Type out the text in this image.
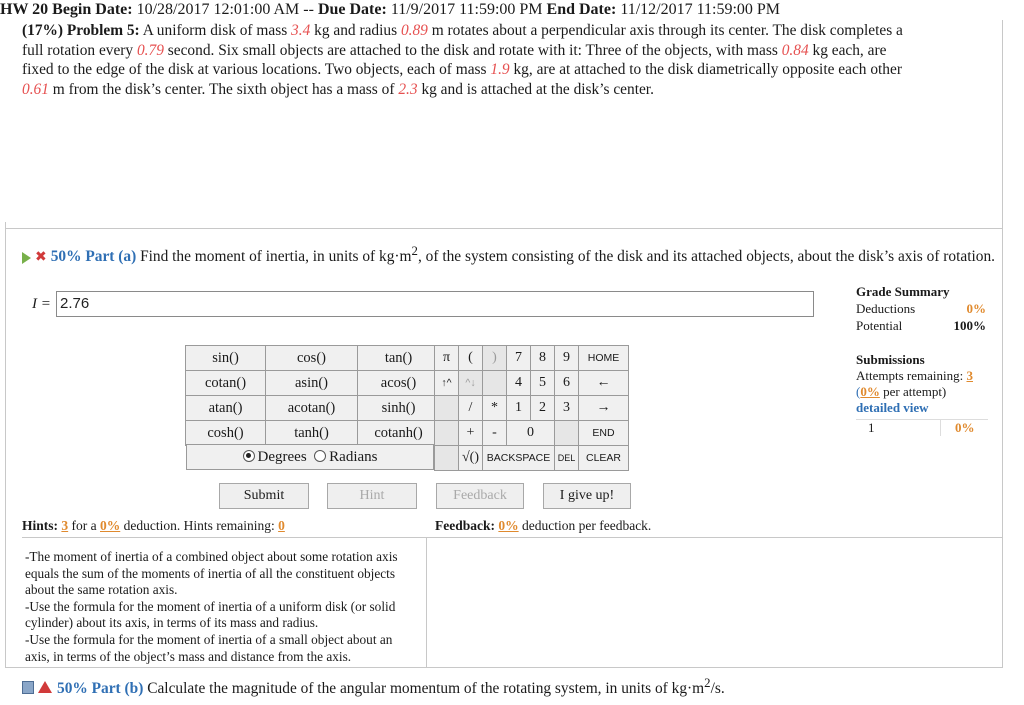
HW 20 Begin Date: 10/28/2017 12:01:00 AM -- Due Date: 11/9/2017 11:59:00 PM End Date: 11/12/2017 11:59:00 PM
(17%) Problem 5: A uniform disk of mass 3.4 kg and radius 0.89 m rotates about a perpendicular axis through its center. The disk completes a full rotation every 0.79 second. Six small objects are attached to the disk and rotate with it: Three of the objects, with mass 0.84 kg each, are fixed to the edge of the disk at various locations. Two objects, each of mass 1.9 kg, are at attached to the disk diametrically opposite each other 0.61 m from the disk’s center. The sixth object has a mass of 2.3 kg and is attached at the disk’s center.
✖ 50% Part (a) Find the moment of inertia, in units of $kg\cdot m^2$, of the system consisting of the disk and its attached objects, about the disk’s axis of rotation.
I = 2.76
Grade Summary
Deductions	0%
Potential	100%
Submissions
Attempts remaining: 3
(0% per attempt)
detailed view
1	0%
sin()	cos()	tan()
cotan()	asin()	acos()
atan()	acotan()	sinh()
cosh()	tanh()	cotanh()
Degrees Radians
π	(	)	7	8	9	HOME
↑^	^↓		4	5	6	←
	/	*	1	2	3	→
	+	-	0			END
	√()	BACKSPACE			DEL	CLEAR
Submit	Hint	Feedback	I give up!
Hints: 3 for a 0% deduction. Hints remaining: 0	Feedback: 0% deduction per feedback.
-The moment of inertia of a combined object about some rotation axis equals the sum of the moments of inertia of all the constituent objects about the same rotation axis.
-Use the formula for the moment of inertia of a uniform disk (or solid cylinder) about its axis, in terms of its mass and radius.
-Use the formula for the moment of inertia of a small object about an axis, in terms of the object’s mass and distance from the axis.
50% Part (b) Calculate the magnitude of the angular momentum of the rotating system, in units of $kg\cdot m^2/s$.
